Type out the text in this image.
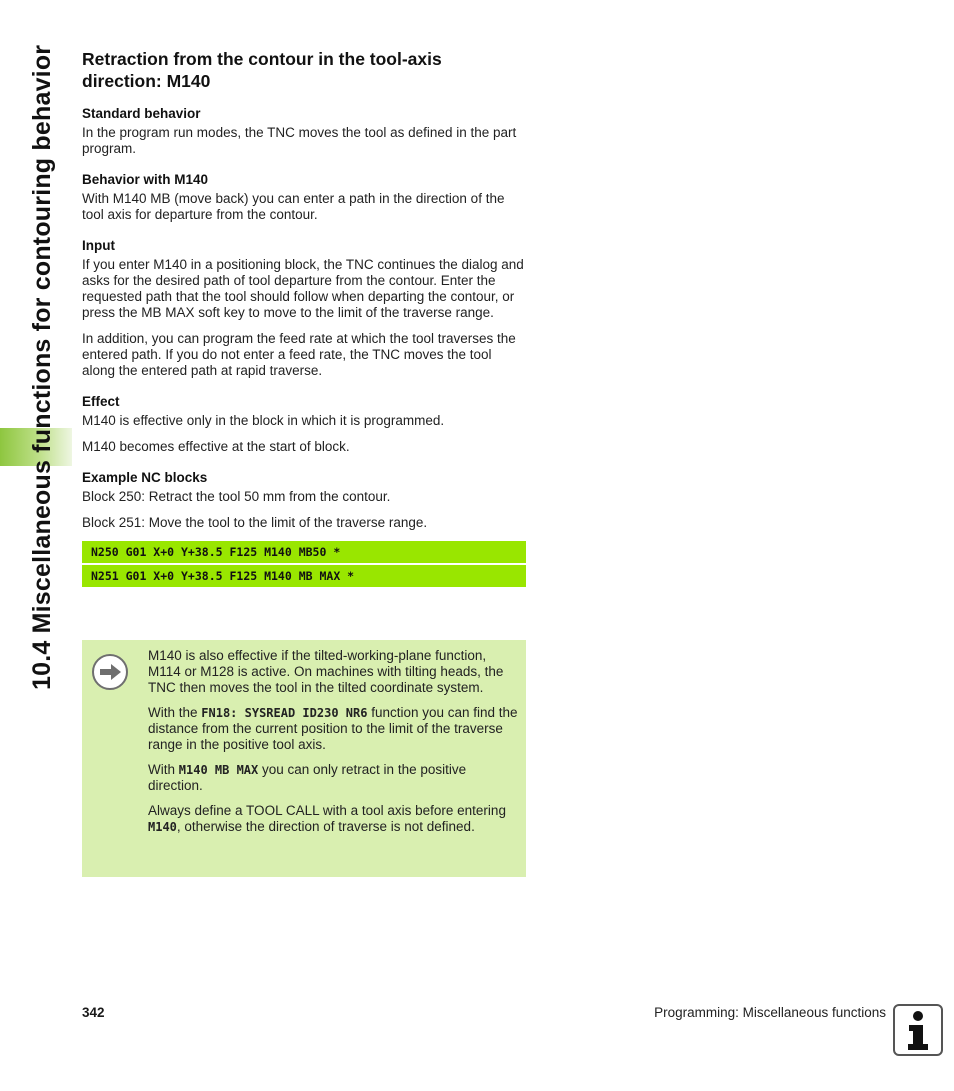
10.4 Miscellaneous functions for contouring behavior Retraction from the contour in the tool-axis direction: M140
Standard behavior

In the program run modes, the TNC moves the tool as defined in the part program.

Behavior with M140

With M140 MB (move back) you can enter a path in the direction of the tool axis for departure from the contour.

Input

If you enter M140 in a positioning block, the TNC continues the dialog and asks for the desired path of tool departure from the contour. Enter the requested path that the tool should follow when departing the contour, or press the MB MAX soft key to move to the limit of the traverse range.

In addition, you can program the feed rate at which the tool traverses the entered path. If you do not enter a feed rate, the TNC moves the tool along the entered path at rapid traverse.

Effect

M140 is effective only in the block in which it is programmed.

M140 becomes effective at the start of block.

Example NC blocks

Block 250: Retract the tool 50 mm from the contour.

Block 251: Move the tool to the limit of the traverse range.

N250 G01 X+0 Y+38.5 F125 M140 MB50 *
N251 G01 X+0 Y+38.5 F125 M140 MB MAX *

M140 is also effective if the tilted-working-plane function, M114 or M128 is active. On machines with tilting heads, the TNC then moves the tool in the tilted coordinate system.

With the FN18: SYSREAD ID230 NR6 function you can find the distance from the current position to the limit of the traverse range in the positive tool axis.

With M140 MB MAX you can only retract in the positive direction.

Always define a TOOL CALL with a tool axis before entering M140, otherwise the direction of traverse is not defined.

342	Programming: Miscellaneous functions
